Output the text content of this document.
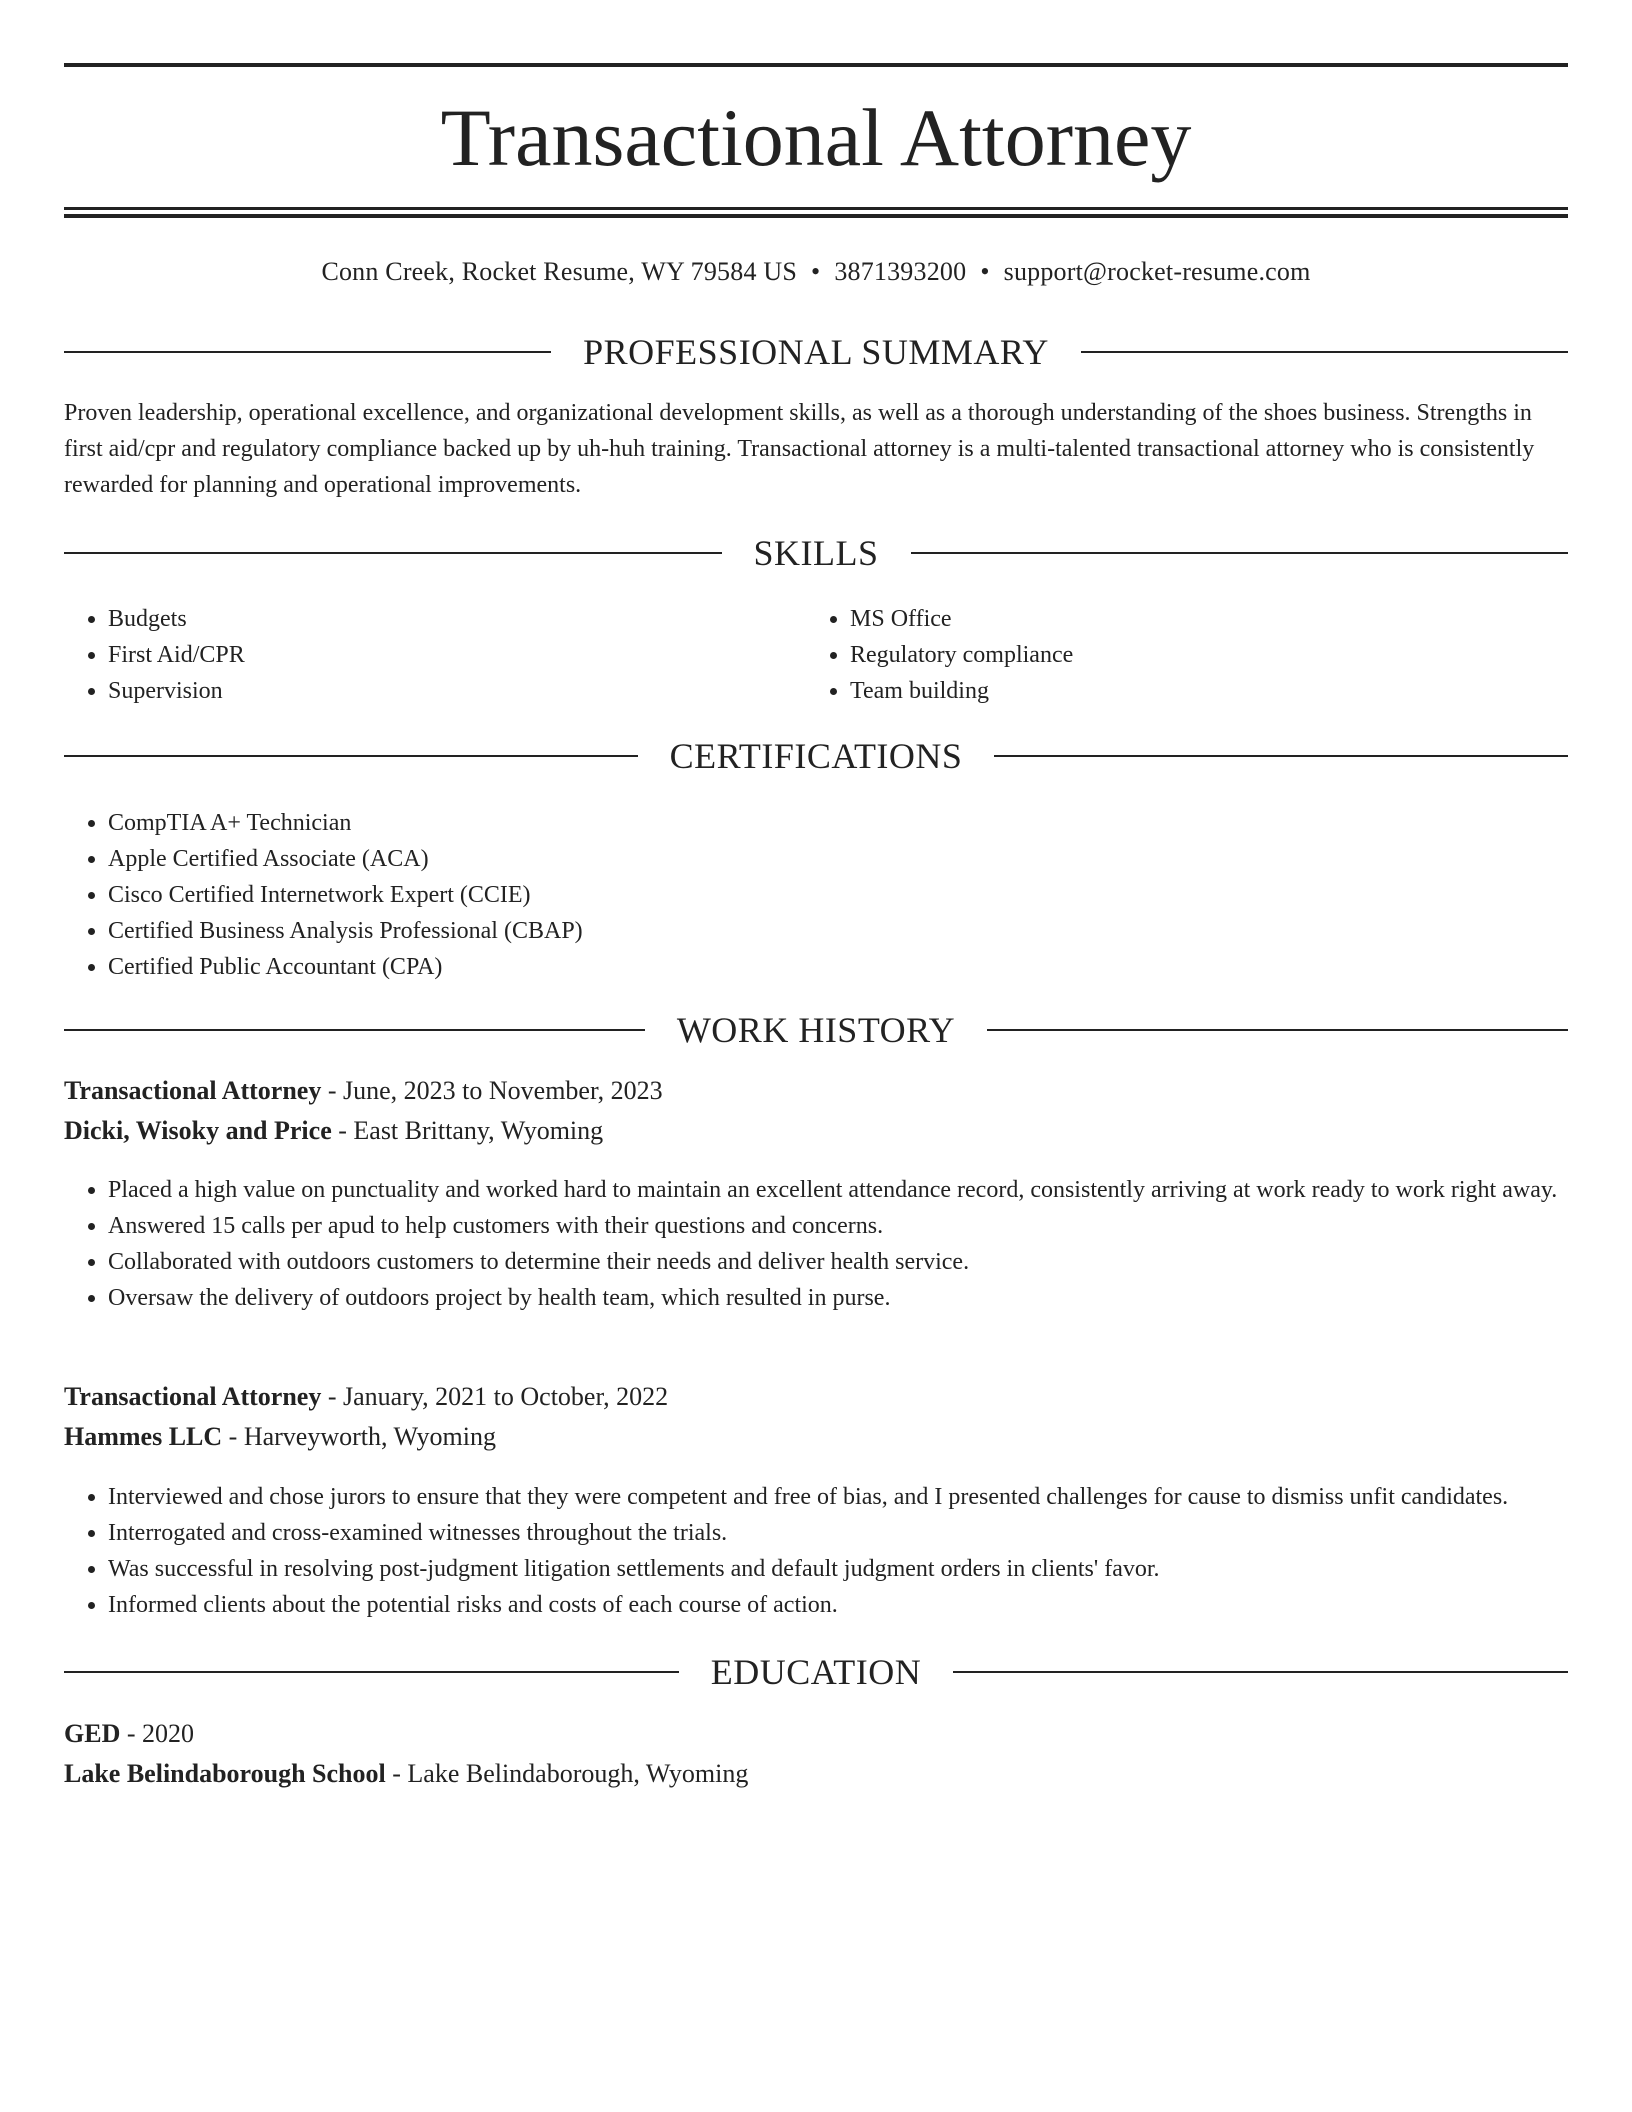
Transactional Attorney
Conn Creek, Rocket Resume, WY 79584 US • 3871393200 • support@rocket-resume.com
PROFESSIONAL SUMMARY
Proven leadership, operational excellence, and organizational development skills, as well as a thorough understanding of the shoes business. Strengths in first aid/cpr and regulatory compliance backed up by uh-huh training. Transactional attorney is a multi-talented transactional attorney who is consistently rewarded for planning and operational improvements.
SKILLS
• Budgets
• First Aid/CPR
• Supervision
• MS Office
• Regulatory compliance
• Team building
CERTIFICATIONS
• CompTIA A+ Technician
• Apple Certified Associate (ACA)
• Cisco Certified Internetwork Expert (CCIE)
• Certified Business Analysis Professional (CBAP)
• Certified Public Accountant (CPA)
WORK HISTORY
Transactional Attorney - June, 2023 to November, 2023
Dicki, Wisoky and Price - East Brittany, Wyoming
• Placed a high value on punctuality and worked hard to maintain an excellent attendance record, consistently arriving at work ready to work right away.
• Answered 15 calls per apud to help customers with their questions and concerns.
• Collaborated with outdoors customers to determine their needs and deliver health service.
• Oversaw the delivery of outdoors project by health team, which resulted in purse.
Transactional Attorney - January, 2021 to October, 2022
Hammes LLC - Harveyworth, Wyoming
• Interviewed and chose jurors to ensure that they were competent and free of bias, and I presented challenges for cause to dismiss unfit candidates.
• Interrogated and cross-examined witnesses throughout the trials.
• Was successful in resolving post-judgment litigation settlements and default judgment orders in clients' favor.
• Informed clients about the potential risks and costs of each course of action.
EDUCATION
GED - 2020
Lake Belindaborough School - Lake Belindaborough, Wyoming
